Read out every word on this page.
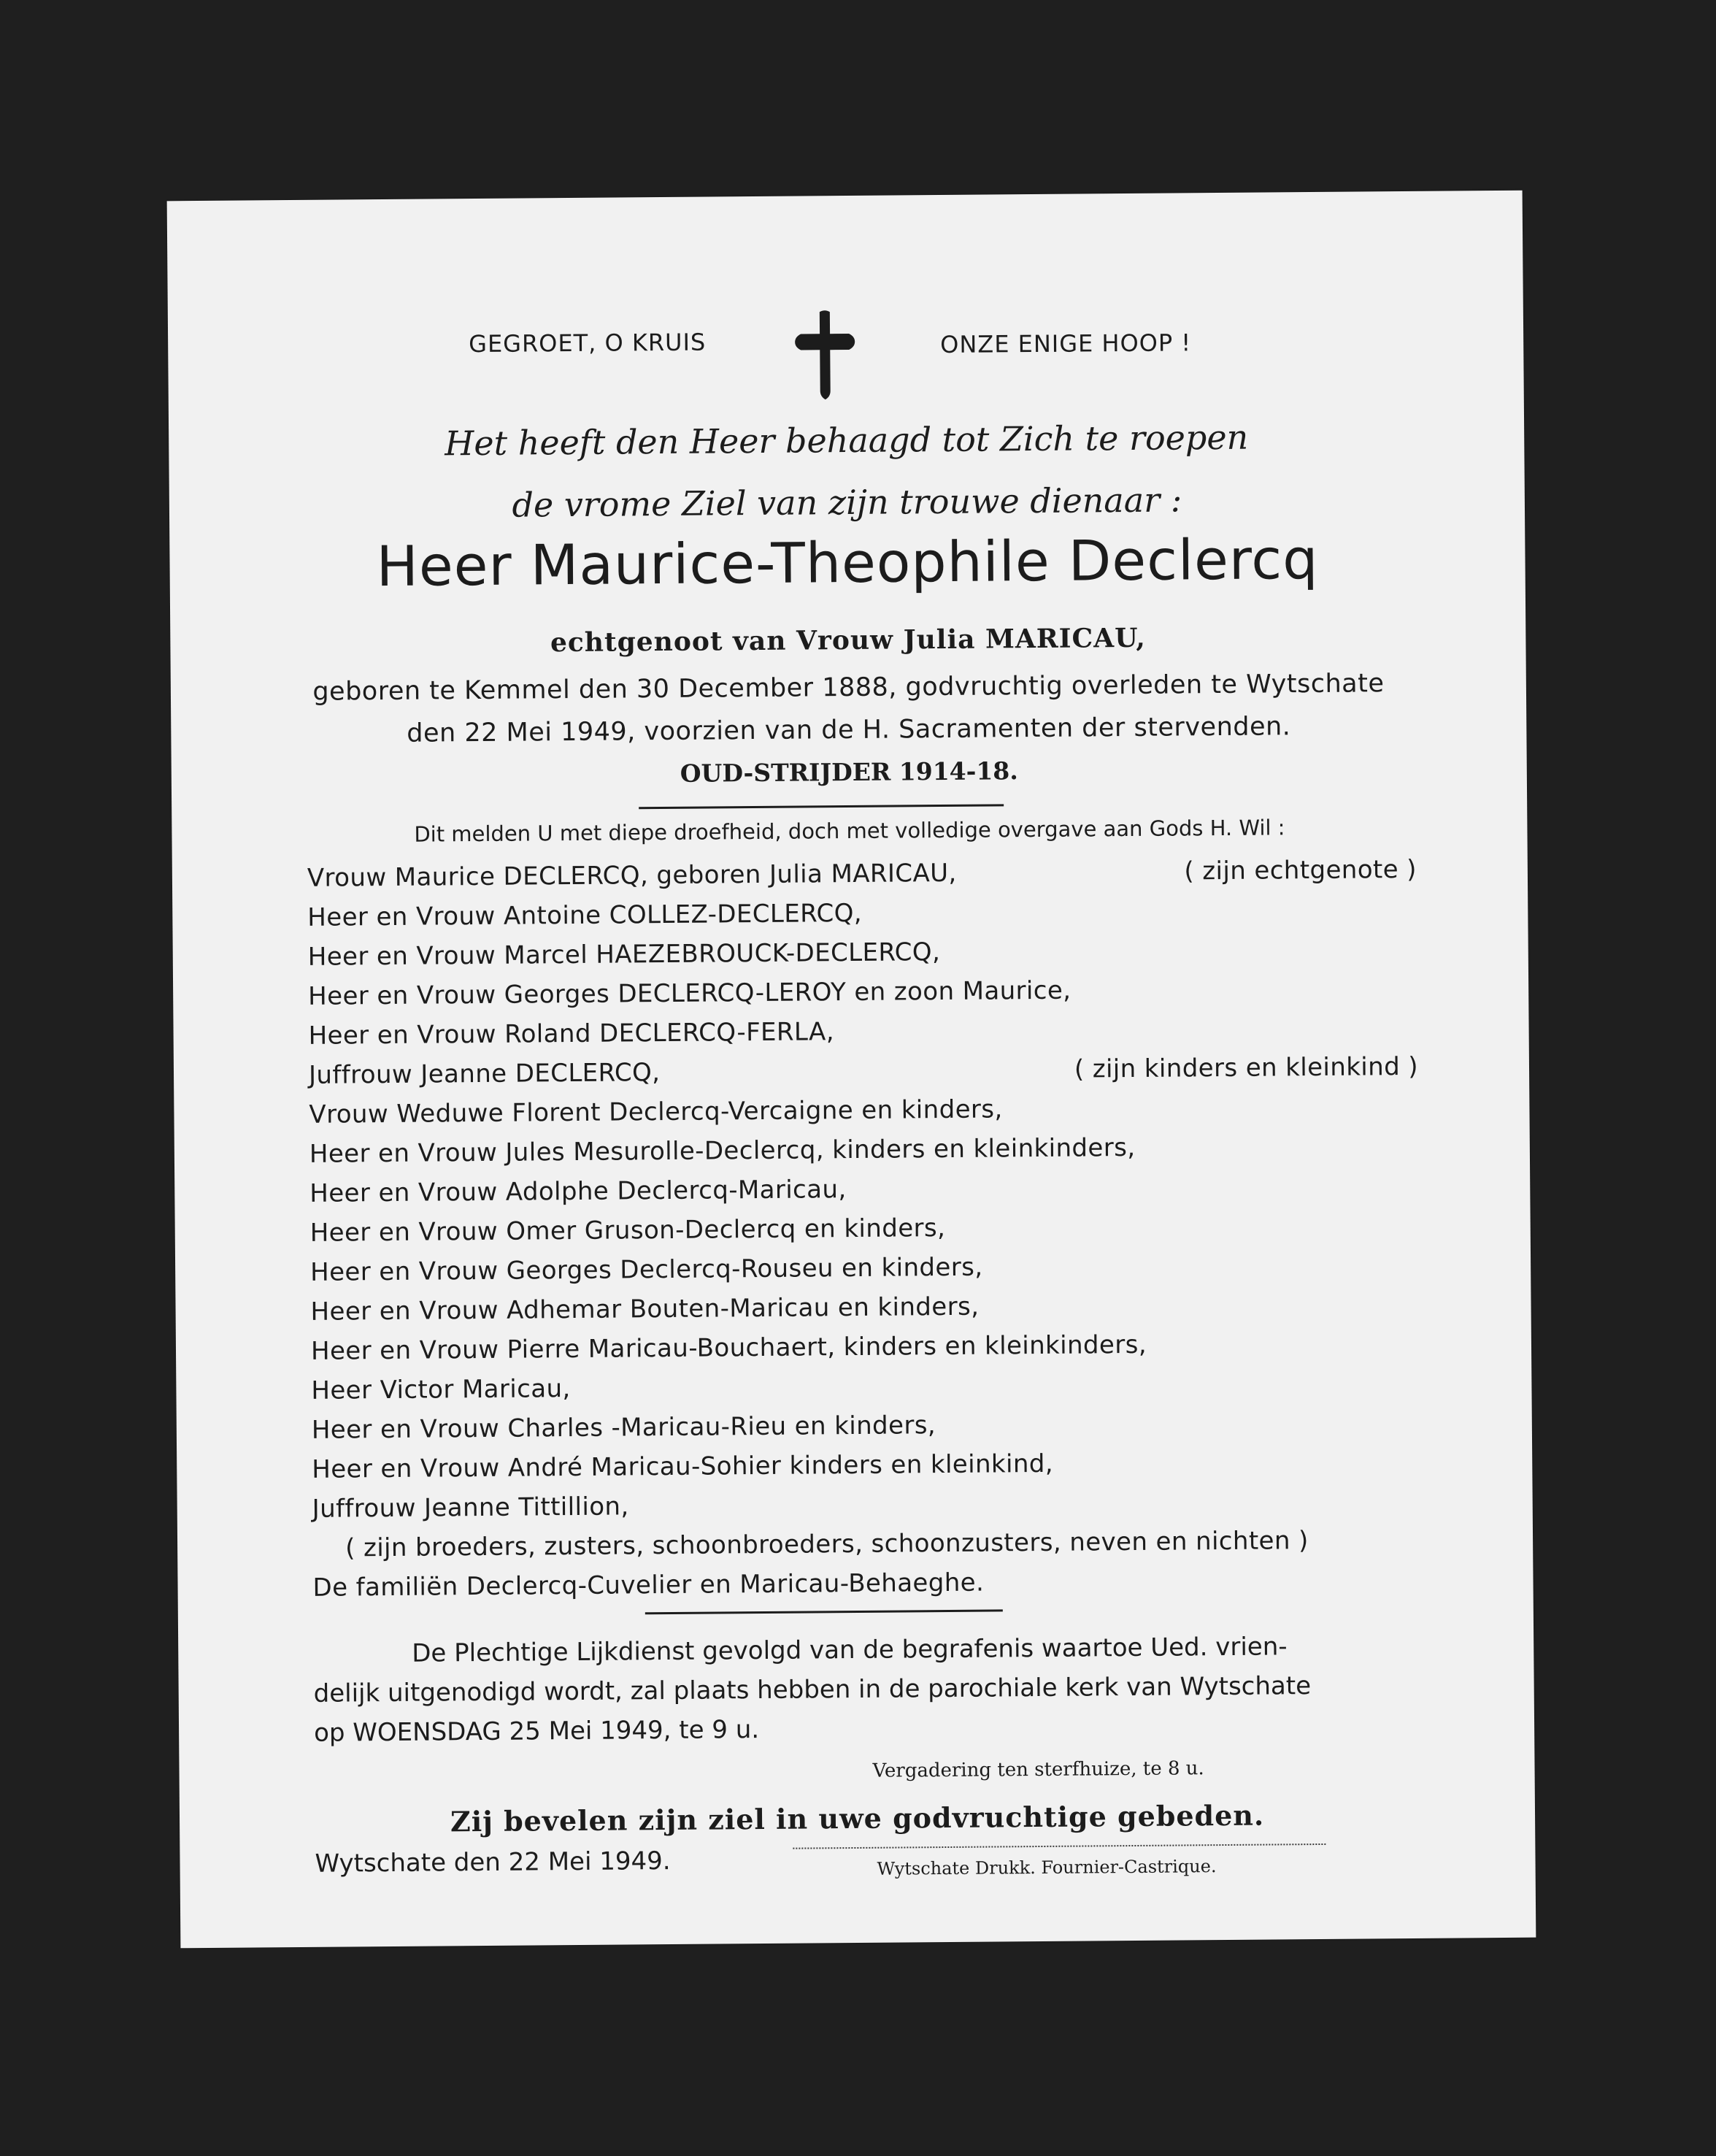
GEGROET, O KRUIS	ONZE ENIGE HOOP !
Het heeft den Heer behaagd tot Zich te roepen
de vrome Ziel van zijn trouwe dienaar :
Heer Maurice-Theophile Declercq
echtgenoot van Vrouw Julia MARICAU,
geboren te Kemmel den 30 December 1888, godvruchtig overleden te Wytschate
den 22 Mei 1949, voorzien van de H. Sacramenten der stervenden.
OUD-STRIJDER 1914-18.
Dit melden U met diepe droefheid, doch met volledige overgave aan Gods H. Wil :
Vrouw Maurice DECLERCQ, geboren Julia MARICAU,	( zijn echtgenote )
Heer en Vrouw Antoine COLLEZ-DECLERCQ,
Heer en Vrouw Marcel HAEZEBROUCK-DECLERCQ,
Heer en Vrouw Georges DECLERCQ-LEROY en zoon Maurice,
Heer en Vrouw Roland DECLERCQ-FERLA,
Juffrouw Jeanne DECLERCQ,	( zijn kinders en kleinkind )
Vrouw Weduwe Florent Declercq-Vercaigne en kinders,
Heer en Vrouw Jules Mesurolle-Declercq, kinders en kleinkinders,
Heer en Vrouw Adolphe Declercq-Maricau,
Heer en Vrouw Omer Gruson-Declercq en kinders,
Heer en Vrouw Georges Declercq-Rouseu en kinders,
Heer en Vrouw Adhemar Bouten-Maricau en kinders,
Heer en Vrouw Pierre Maricau-Bouchaert, kinders en kleinkinders,
Heer Victor Maricau,
Heer en Vrouw Charles -Maricau-Rieu en kinders,
Heer en Vrouw André Maricau-Sohier kinders en kleinkind,
Juffrouw Jeanne Tittillion,
( zijn broeders, zusters, schoonbroeders, schoonzusters, neven en nichten )
De familiën Declercq-Cuvelier en Maricau-Behaeghe.
De Plechtige Lijkdienst gevolgd van de begrafenis waartoe Ued. vrien-
delijk uitgenodigd wordt, zal plaats hebben in de parochiale kerk van Wytschate
op WOENSDAG 25 Mei 1949, te 9 u.
Vergadering ten sterfhuize, te 8 u.
Zij bevelen zijn ziel in uwe godvruchtige gebeden.
Wytschate den 22 Mei 1949.	Wytschate Drukk. Fournier-Castrique.
